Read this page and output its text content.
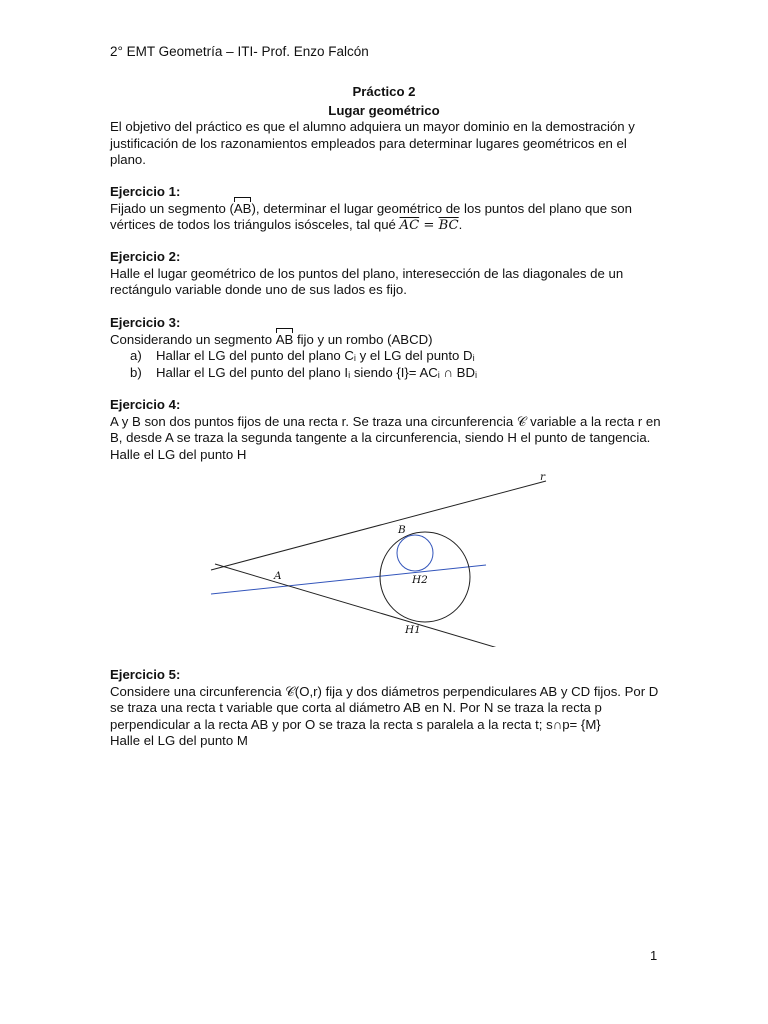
2° EMT Geometría – ITI- Prof. Enzo Falcón
Práctico 2
Lugar geométrico
El objetivo del práctico es que el alumno adquiera un mayor dominio en la demostración y
justificación de los razonamientos empleados para determinar lugares geométricos en el
plano.
Ejercicio 1:
Fijado un segmento (AB), determinar el lugar geométrico de los puntos del plano que son
vértices de todos los triángulos isósceles, tal qué $\overline{AC} = \overline{BC}$.
Ejercicio 2:
Halle el lugar geométrico de los puntos del plano, interesección de las diagonales de un
rectángulo variable donde uno de sus lados es fijo.
Ejercicio 3:
Considerando un segmento AB fijo y un rombo (ABCD)
a) Hallar el LG del punto del plano Cᵢ y el LG del punto Dᵢ
b) Hallar el LG del punto del plano Iᵢ siendo {I}= ACᵢ ∩ BDᵢ
Ejercicio 4:
A y B son dos puntos fijos de una recta r. Se traza una circunferencia 𝒞 variable a la recta r en
B, desde A se traza la segunda tangente a la circunferencia, siendo H el punto de tangencia.
Halle el LG del punto H
r
B
A	H2
H1
Ejercicio 5:
Considere una circunferencia 𝒞(O,r) fija y dos diámetros perpendiculares AB y CD fijos. Por D
se traza una recta t variable que corta al diámetro AB en N. Por N se traza la recta p
perpendicular a la recta AB y por O se traza la recta s paralela a la recta t; s∩p= {M}
Halle el LG del punto M
1
